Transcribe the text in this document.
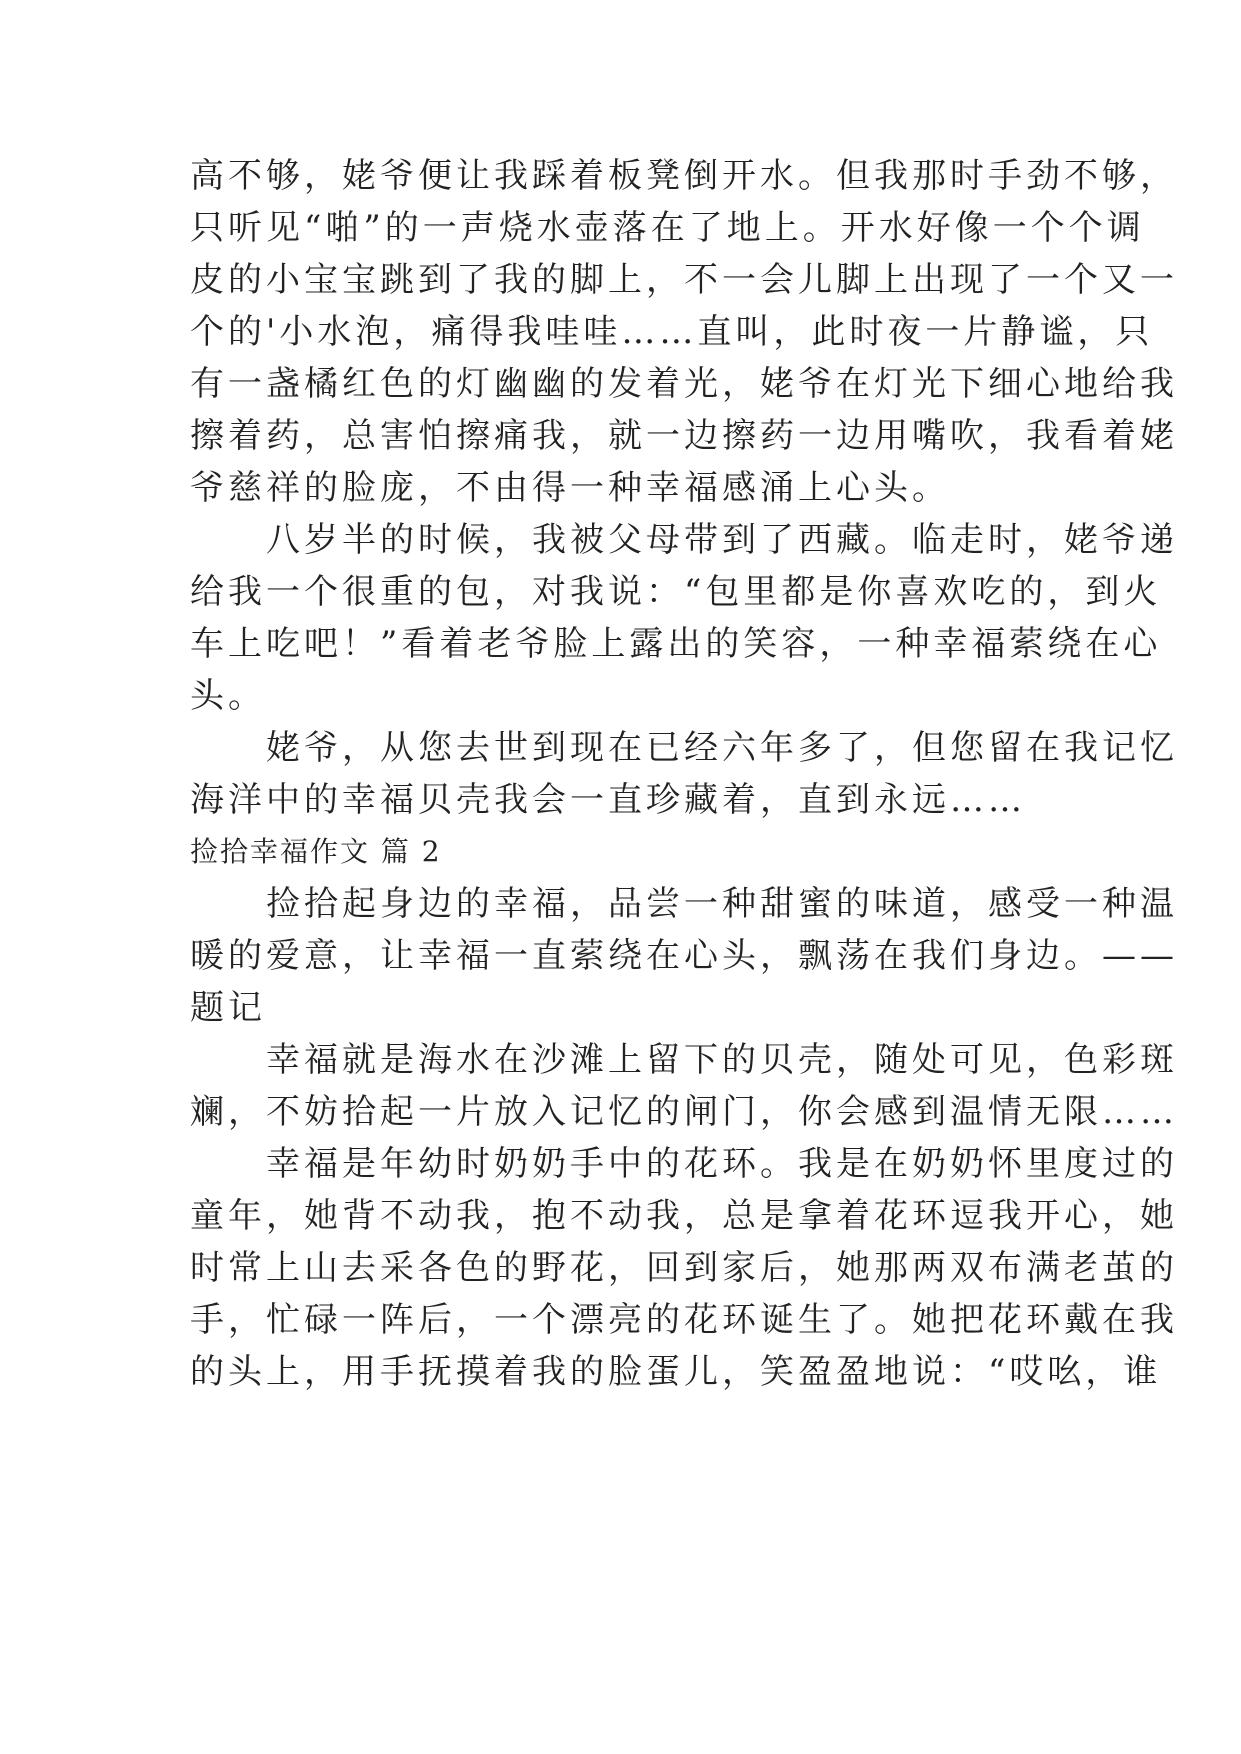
高不够，姥爷便让我踩着板凳倒开水。但我那时手劲不够，

只听见“啪”的一声烧水壶落在了地上。开水好像一个个调

皮的小宝宝跳到了我的脚上，不一会儿脚上出现了一个又一

个的'小水泡，痛得我哇哇……直叫，此时夜一片静谧，只

有一盏橘红色的灯幽幽的发着光，姥爷在灯光下细心地给我

擦着药，总害怕擦痛我，就一边擦药一边用嘴吹，我看着姥

爷慈祥的脸庞，不由得一种幸福感涌上心头。

　　八岁半的时候，我被父母带到了西藏。临走时，姥爷递

给我一个很重的包，对我说：“包里都是你喜欢吃的，到火

车上吃吧！”看着老爷脸上露出的笑容，一种幸福萦绕在心

头。

　　姥爷，从您去世到现在已经六年多了，但您留在我记忆

海洋中的幸福贝壳我会一直珍藏着，直到永远……

捡拾幸福作文 篇 2

　　捡拾起身边的幸福，品尝一种甜蜜的味道，感受一种温

暖的爱意，让幸福一直萦绕在心头，飘荡在我们身边。——

题记

　　幸福就是海水在沙滩上留下的贝壳，随处可见，色彩斑

斓，不妨拾起一片放入记忆的闸门，你会感到温情无限……

　　幸福是年幼时奶奶手中的花环。我是在奶奶怀里度过的

童年，她背不动我，抱不动我，总是拿着花环逗我开心，她

时常上山去采各色的野花，回到家后，她那两双布满老茧的

手，忙碌一阵后，一个漂亮的花环诞生了。她把花环戴在我

的头上，用手抚摸着我的脸蛋儿，笑盈盈地说：“哎吆，谁
